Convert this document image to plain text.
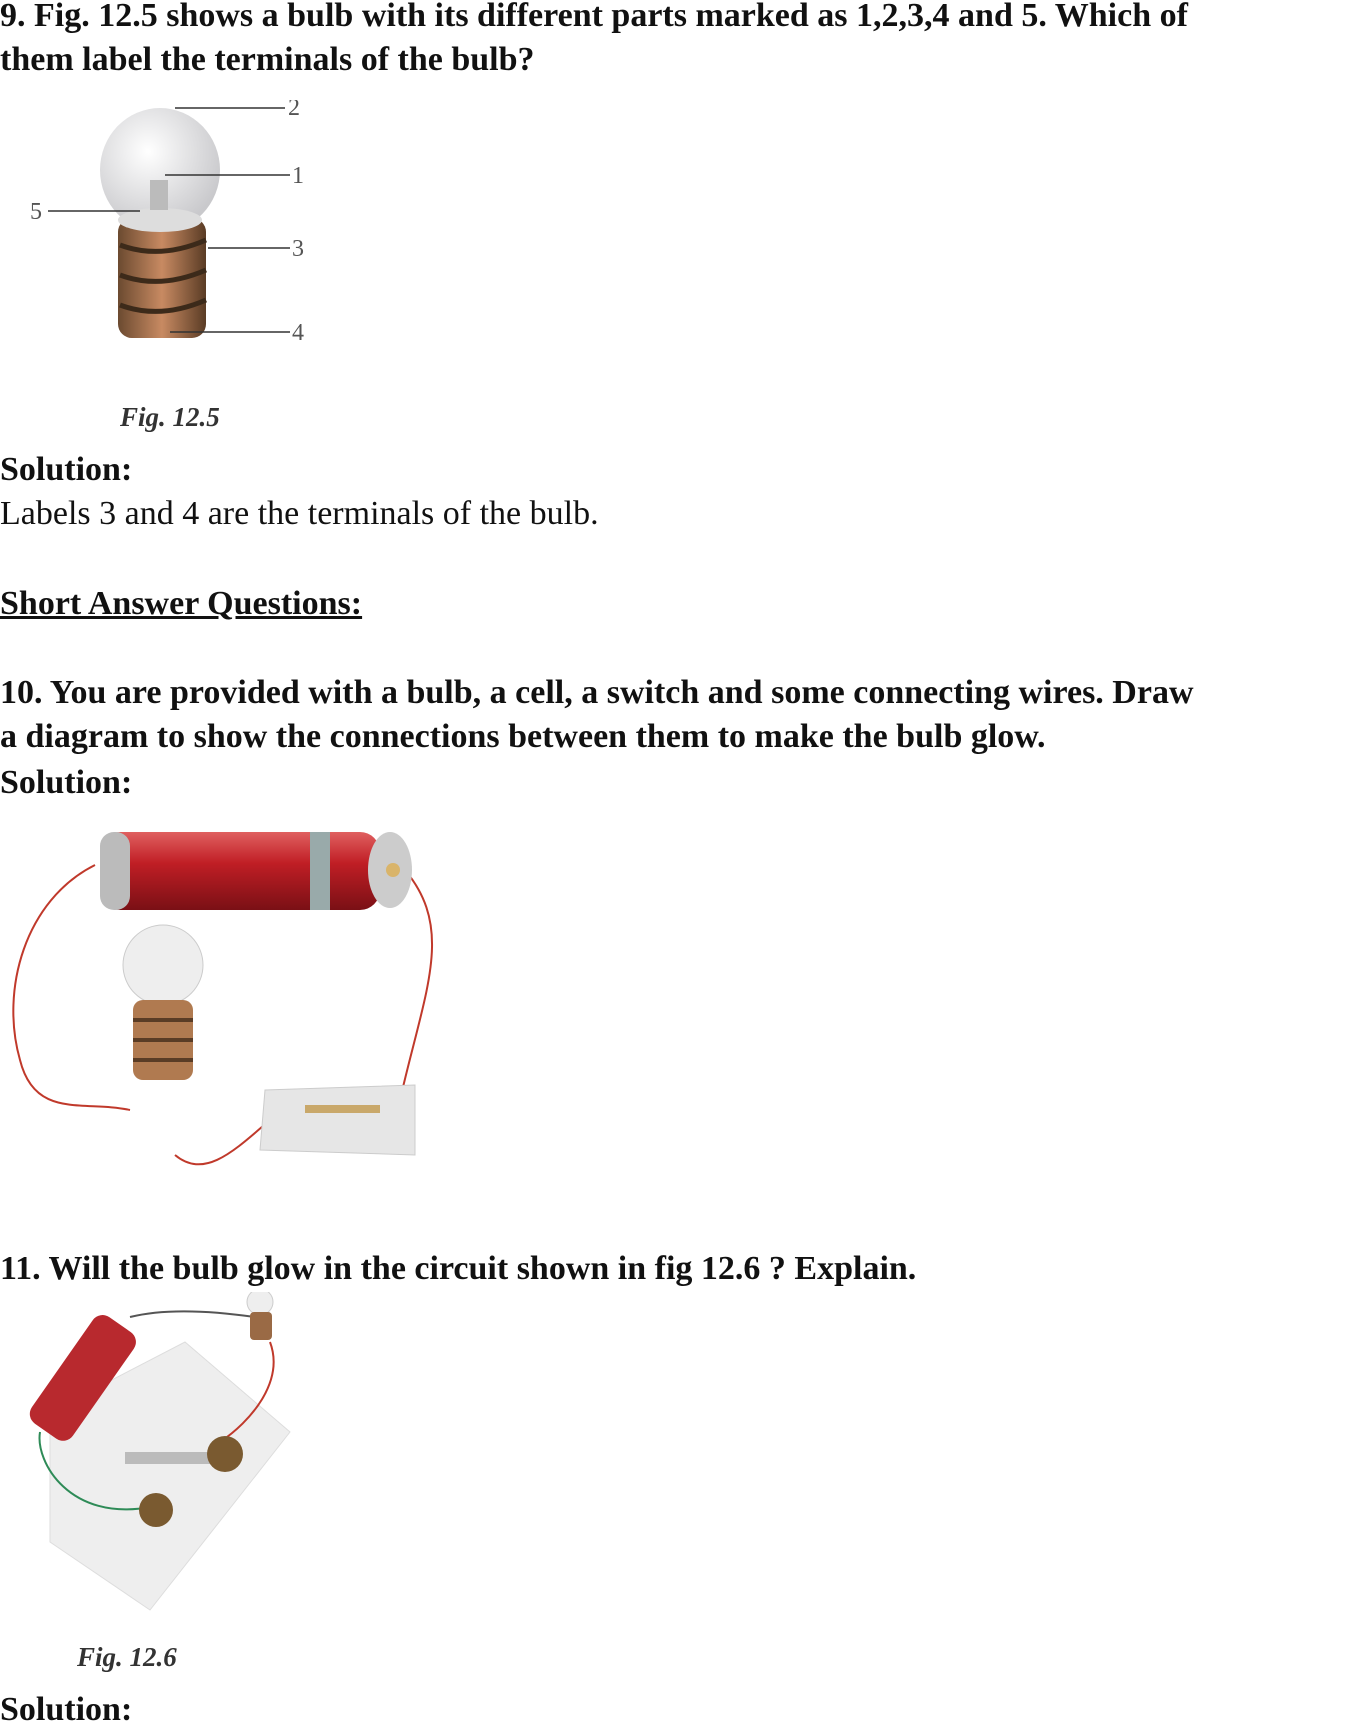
9. Fig. 12.5 shows a bulb with its different parts marked as 1,2,3,4 and 5. Which of
them label the terminals of the bulb?
2
1
5
3
4
Fig. 12.5
Solution:
Labels 3 and 4 are the terminals of the bulb.
Short Answer Questions:
10. You are provided with a bulb, a cell, a switch and some connecting wires. Draw
a diagram to show the connections between them to make the bulb glow.
Solution:
11. Will the bulb glow in the circuit shown in fig 12.6 ? Explain.
Fig. 12.6
Solution:
